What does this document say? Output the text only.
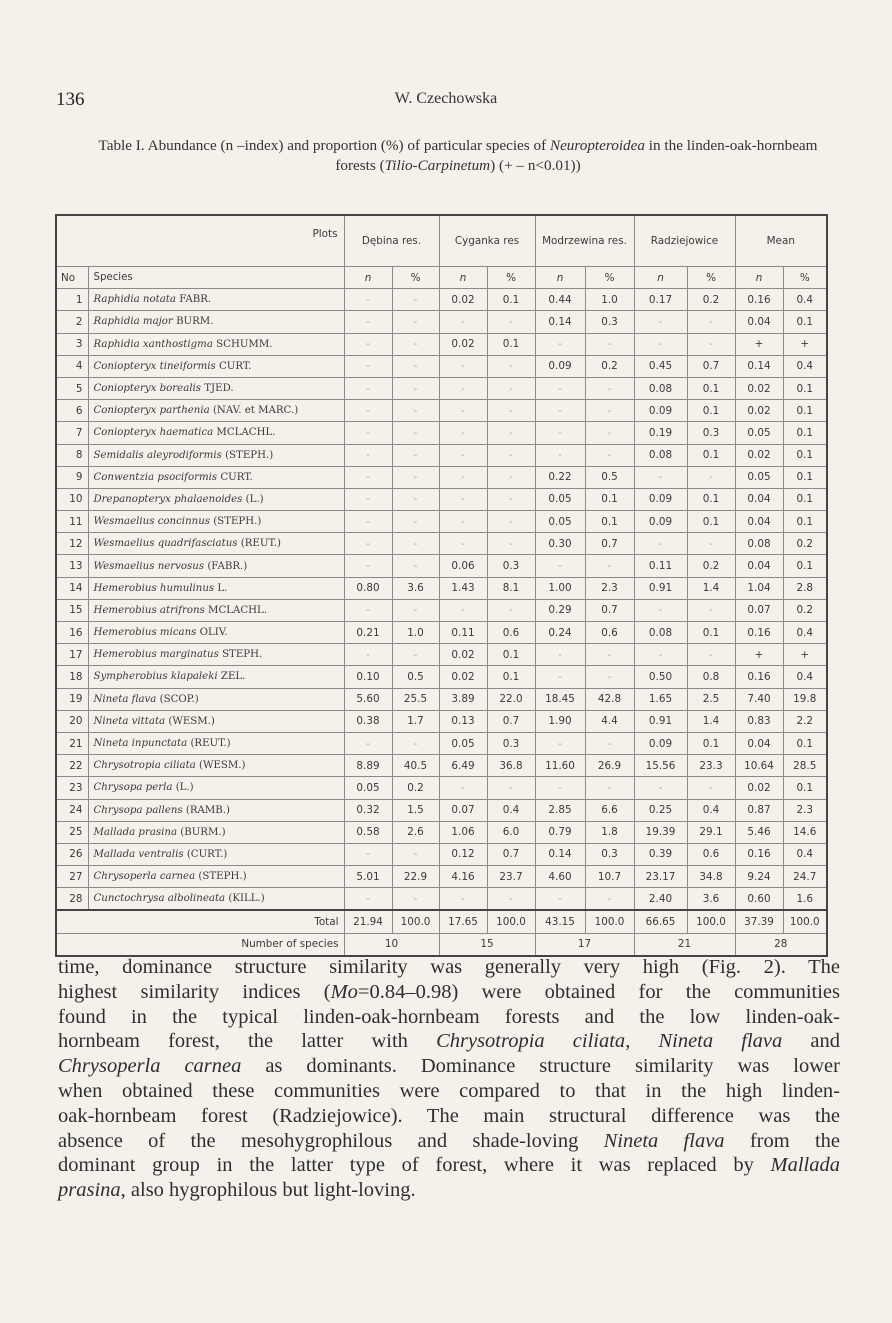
136	W. Czechowska
Table I. Abundance (n –index) and proportion (%) of particular species of Neuropteroidea in the linden-oak-hornbeam forests (Tilio-Carpinetum) (+ – n<0.01))
Plots		Dębina res.		Cyganka res		Modrzewina res.		Radziejowice		Mean	
No	Species	n	%	n	%	n	%	n	%	n	%
1	Raphidia notata FABR.	-	-	0.02	0.1	0.44	1.0	0.17	0.2	0.16	0.4
2	Raphidia major BURM.	-	-	-	-	0.14	0.3	-	-	0.04	0.1
3	Raphidia xanthostigma SCHUMM.	-	-	0.02	0.1	-	-	-	-	+	+
4	Coniopteryx tineiformis CURT.	-	-	-	-	0.09	0.2	0.45	0.7	0.14	0.4
5	Coniopteryx borealis TJED.	-	-	-	-	-	-	0.08	0.1	0.02	0.1
6	Coniopteryx parthenia (NAV. et MARC.)	-	-	-	-	-	-	0.09	0.1	0.02	0.1
7	Coniopteryx haematica MCLACHL.	-	-	-	-	-	-	0.19	0.3	0.05	0.1
8	Semidalis aleyrodiformis (STEPH.)	-	-	-	-	-	-	0.08	0.1	0.02	0.1
9	Conwentzia psociformis CURT.	-	-	-	-	0.22	0.5	-	-	0.05	0.1
10	Drepanopteryx phalaenoides (L.)	-	-	-	-	0.05	0.1	0.09	0.1	0.04	0.1
11	Wesmaelius concinnus (STEPH.)	-	-	-	-	0.05	0.1	0.09	0.1	0.04	0.1
12	Wesmaelius quadrifasciatus (REUT.)	-	-	-	-	0.30	0.7	-	-	0.08	0.2
13	Wesmaelius nervosus (FABR.)	-	-	0.06	0.3	-	-	0.11	0.2	0.04	0.1
14	Hemerobius humulinus L.	0.80	3.6	1.43	8.1	1.00	2.3	0.91	1.4	1.04	2.8
15	Hemerobius atrifrons MCLACHL.	-	-	-	-	0.29	0.7	-	-	0.07	0.2
16	Hemerobius micans OLIV.	0.21	1.0	0.11	0.6	0.24	0.6	0.08	0.1	0.16	0.4
17	Hemerobius marginatus STEPH.	-	-	0.02	0.1	-	-	-	-	+	+
18	Sympherobius klapaleki ZEL.	0.10	0.5	0.02	0.1	-	-	0.50	0.8	0.16	0.4
19	Nineta flava (SCOP.)	5.60	25.5	3.89	22.0	18.45	42.8	1.65	2.5	7.40	19.8
20	Nineta vittata (WESM.)	0.38	1.7	0.13	0.7	1.90	4.4	0.91	1.4	0.83	2.2
21	Nineta inpunctata (REUT.)	-	-	0.05	0.3	-	-	0.09	0.1	0.04	0.1
22	Chrysotropia ciliata (WESM.)	8.89	40.5	6.49	36.8	11.60	26.9	15.56	23.3	10.64	28.5
23	Chrysopa perla (L.)	0.05	0.2	-	-	-	-	-	-	0.02	0.1
24	Chrysopa pallens (RAMB.)	0.32	1.5	0.07	0.4	2.85	6.6	0.25	0.4	0.87	2.3
25	Mallada prasina (BURM.)	0.58	2.6	1.06	6.0	0.79	1.8	19.39	29.1	5.46	14.6
26	Mallada ventralis (CURT.)	-	-	0.12	0.7	0.14	0.3	0.39	0.6	0.16	0.4
27	Chrysoperla carnea (STEPH.)	5.01	22.9	4.16	23.7	4.60	10.7	23.17	34.8	9.24	24.7
28	Cunctochrysa albolineata (KILL.)	-	-	-	-	-	-	2.40	3.6	0.60	1.6
Total		21.94	100.0	17.65	100.0	43.15	100.0	66.65	100.0	37.39	100.0
Number of species		10		15		17		21		28	
time, dominance structure similarity was generally very high (Fig. 2). The
highest similarity indices (Mo=0.84–0.98) were obtained for the communities
found in the typical linden-oak-hornbeam forests and the low linden-oak-
hornbeam forest, the latter with Chrysotropia ciliata, Nineta flava and
Chrysoperla carnea as dominants. Dominance structure similarity was lower
when obtained these communities were compared to that in the high linden-
oak-hornbeam forest (Radziejowice). The main structural difference was the
absence of the mesohygrophilous and shade-loving Nineta flava from the
dominant group in the latter type of forest, where it was replaced by Mallada
prasina, also hygrophilous but light-loving.
